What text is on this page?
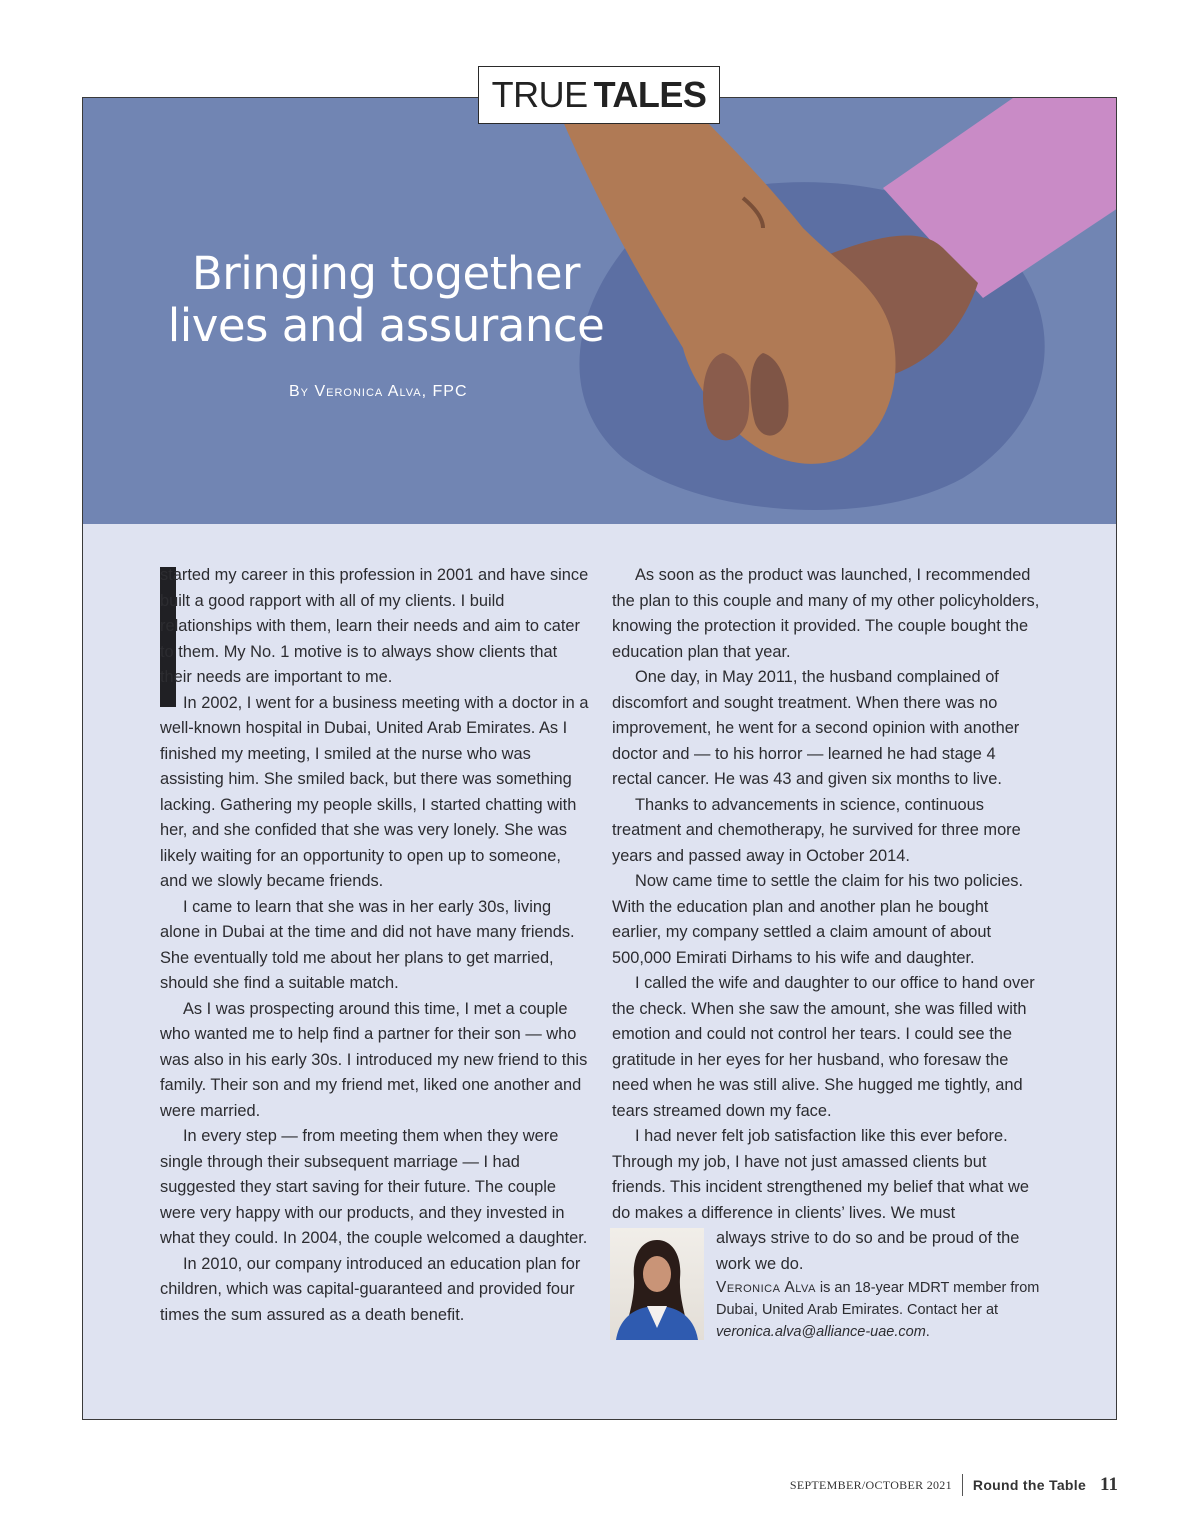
TRUE TALES
Bringing together
lives and assurance
By Veronica Alva, FPC

started my career in this profession in 2001 and have since built a good rapport with all of my clients. I build relationships with them, learn their needs and aim to cater to them. My No. 1 motive is to always show clients that their needs are important to me.

In 2002, I went for a business meeting with a doctor in a well-known hospital in Dubai, United Arab Emirates. As I finished my meeting, I smiled at the nurse who was assisting him. She smiled back, but there was something lacking. Gathering my people skills, I started chatting with her, and she confided that she was very lonely. She was likely waiting for an opportunity to open up to someone, and we slowly became friends.

I came to learn that she was in her early 30s, living alone in Dubai at the time and did not have many friends. She eventually told me about her plans to get married, should she find a suitable match.

As I was prospecting around this time, I met a couple who wanted me to help find a partner for their son — who was also in his early 30s. I introduced my new friend to this family. Their son and my friend met, liked one another and were married.

In every step — from meeting them when they were single through their subsequent marriage — I had suggested they start saving for their future. The couple were very happy with our products, and they invested in what they could. In 2004, the couple welcomed a daughter.

In 2010, our company introduced an education plan for children, which was capital-guaranteed and provided four times the sum assured as a death benefit.

As soon as the product was launched, I recommended the plan to this couple and many of my other policyholders, knowing the protection it provided. The couple bought the education plan that year.

One day, in May 2011, the husband complained of discomfort and sought treatment. When there was no improvement, he went for a second opinion with another doctor and — to his horror — learned he had stage 4 rectal cancer. He was 43 and given six months to live.

Thanks to advancements in science, continuous treatment and chemotherapy, he survived for three more years and passed away in October 2014.

Now came time to settle the claim for his two policies. With the education plan and another plan he bought earlier, my company settled a claim amount of about 500,000 Emirati Dirhams to his wife and daughter.

I called the wife and daughter to our office to hand over the check. When she saw the amount, she was filled with emotion and could not control her tears. I could see the gratitude in her eyes for her husband, who foresaw the need when he was still alive. She hugged me tightly, and tears streamed down my face.

I had never felt job satisfaction like this ever before. Through my job, I have not just amassed clients but friends. This incident strengthened my belief that what we do makes a difference in clients’ lives. We must

always strive to do so and be proud of the work we do.

Veronica Alva is an 18-year MDRT member from Dubai, United Arab Emirates. Contact her at veronica.alva@alliance-uae.com.

SEPTEMBER/OCTOBER 2021 Round the Table 11
